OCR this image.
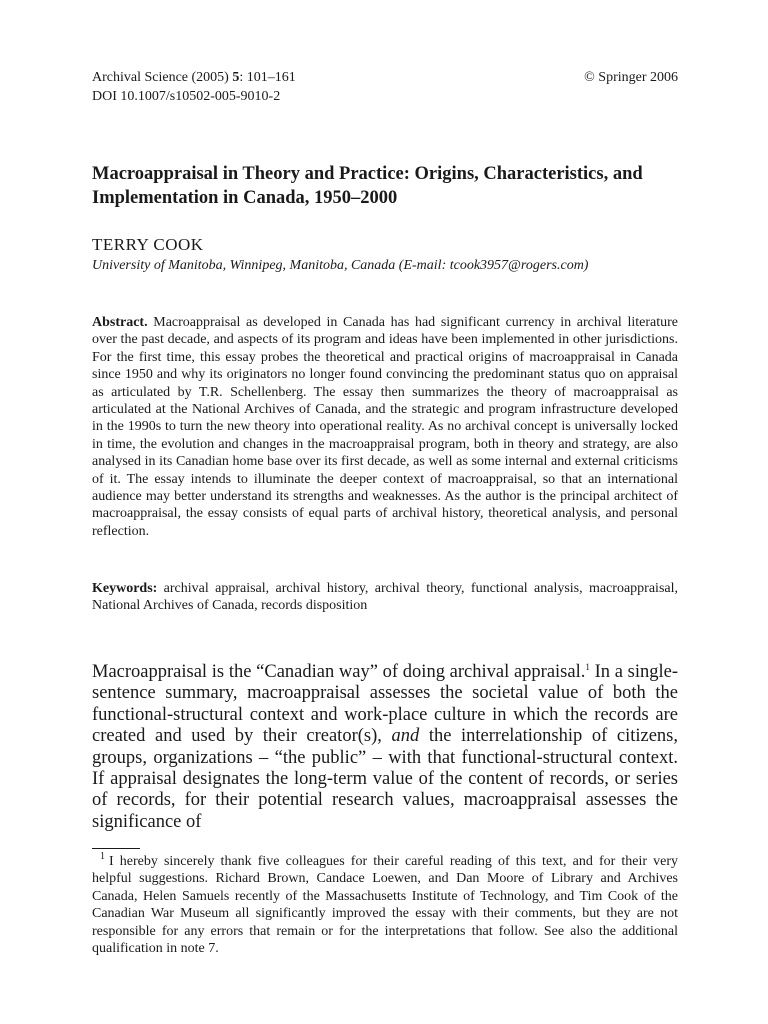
Archival Science (2005) 5: 101–161	© Springer 2006
DOI 10.1007/s10502-005-9010-2
Macroappraisal in Theory and Practice: Origins, Characteristics, and Implementation in Canada, 1950–2000
TERRY COOK
University of Manitoba, Winnipeg, Manitoba, Canada (E-mail: tcook3957@rogers.com)
Abstract. Macroappraisal as developed in Canada has had significant currency in archival literature over the past decade, and aspects of its program and ideas have been implemented in other jurisdictions. For the first time, this essay probes the theoretical and practical origins of macroappraisal in Canada since 1950 and why its originators no longer found convincing the predominant status quo on appraisal as articulated by T.R. Schellenberg. The essay then summarizes the theory of macroappraisal as articulated at the National Archives of Canada, and the strategic and program infrastructure developed in the 1990s to turn the new theory into operational reality. As no archival concept is universally locked in time, the evolution and changes in the macroappraisal program, both in theory and strategy, are also analysed in its Canadian home base over its first decade, as well as some internal and external criticisms of it. The essay intends to illuminate the deeper context of macroappraisal, so that an international audience may better understand its strengths and weaknesses. As the author is the principal architect of macroappraisal, the essay consists of equal parts of archival history, theoretical analysis, and personal reflection.
Keywords: archival appraisal, archival history, archival theory, functional analysis, macroappraisal, National Archives of Canada, records disposition
Macroappraisal is the “Canadian way” of doing archival appraisal.$^1$ In a single-sentence summary, macroappraisal assesses the societal value of both the functional-structural context and work-place culture in which the records are created and used by their creator(s), and the interrelationship of citizens, groups, organizations – “the public” – with that functional-structural context. If appraisal designates the long-term value of the content of records, or series of records, for their potential research values, macroappraisal assesses the significance of
$^1$ I hereby sincerely thank five colleagues for their careful reading of this text, and for their very helpful suggestions. Richard Brown, Candace Loewen, and Dan Moore of Library and Archives Canada, Helen Samuels recently of the Massachusetts Institute of Technology, and Tim Cook of the Canadian War Museum all significantly improved the essay with their comments, but they are not responsible for any errors that remain or for the interpretations that follow. See also the additional qualification in note 7.
